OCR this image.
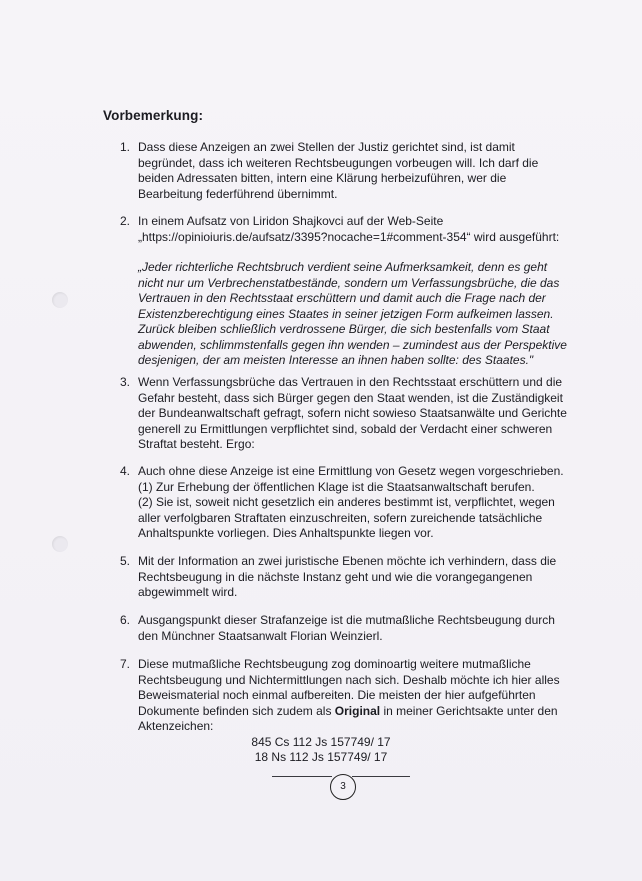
Vorbemerkung:
1. Dass diese Anzeigen an zwei Stellen der Justiz gerichtet sind, ist damit
begründet, dass ich weiteren Rechtsbeugungen vorbeugen will. Ich darf die
beiden Adressaten bitten, intern eine Klärung herbeizuführen, wer die
Bearbeitung federführend übernimmt.
2. In einem Aufsatz von Liridon Shajkovci auf der Web-Seite
„https://opinioiuris.de/aufsatz/3395?nocache=1#comment-354“ wird ausgeführt:
„Jeder richterliche Rechtsbruch verdient seine Aufmerksamkeit, denn es geht
nicht nur um Verbrechenstatbestände, sondern um Verfassungsbrüche, die das
Vertrauen in den Rechtsstaat erschüttern und damit auch die Frage nach der
Existenzberechtigung eines Staates in seiner jetzigen Form aufkeimen lassen.
Zurück bleiben schließlich verdrossene Bürger, die sich bestenfalls vom Staat
abwenden, schlimmstenfalls gegen ihn wenden – zumindest aus der Perspektive
desjenigen, der am meisten Interesse an ihnen haben sollte: des Staates."
3. Wenn Verfassungsbrüche das Vertrauen in den Rechtsstaat erschüttern und die
Gefahr besteht, dass sich Bürger gegen den Staat wenden, ist die Zuständigkeit
der Bundeanwaltschaft gefragt, sofern nicht sowieso Staatsanwälte und Gerichte
generell zu Ermittlungen verpflichtet sind, sobald der Verdacht einer schweren
Straftat besteht. Ergo:
4. Auch ohne diese Anzeige ist eine Ermittlung von Gesetz wegen vorgeschrieben.
(1) Zur Erhebung der öffentlichen Klage ist die Staatsanwaltschaft berufen.
(2) Sie ist, soweit nicht gesetzlich ein anderes bestimmt ist, verpflichtet, wegen
aller verfolgbaren Straftaten einzuschreiten, sofern zureichende tatsächliche
Anhaltspunkte vorliegen. Dies Anhaltspunkte liegen vor.
5. Mit der Information an zwei juristische Ebenen möchte ich verhindern, dass die
Rechtsbeugung in die nächste Instanz geht und wie die vorangegangenen
abgewimmelt wird.
6. Ausgangspunkt dieser Strafanzeige ist die mutmaßliche Rechtsbeugung durch
den Münchner Staatsanwalt Florian Weinzierl.
7. Diese mutmaßliche Rechtsbeugung zog dominoartig weitere mutmaßliche
Rechtsbeugung und Nichtermittlungen nach sich. Deshalb möchte ich hier alles
Beweismaterial noch einmal aufbereiten. Die meisten der hier aufgeführten
Dokumente befinden sich zudem als Original in meiner Gerichtsakte unter den
Aktenzeichen:
845 Cs 112 Js 157749/ 17
18 Ns 112 Js 157749/ 17
3
